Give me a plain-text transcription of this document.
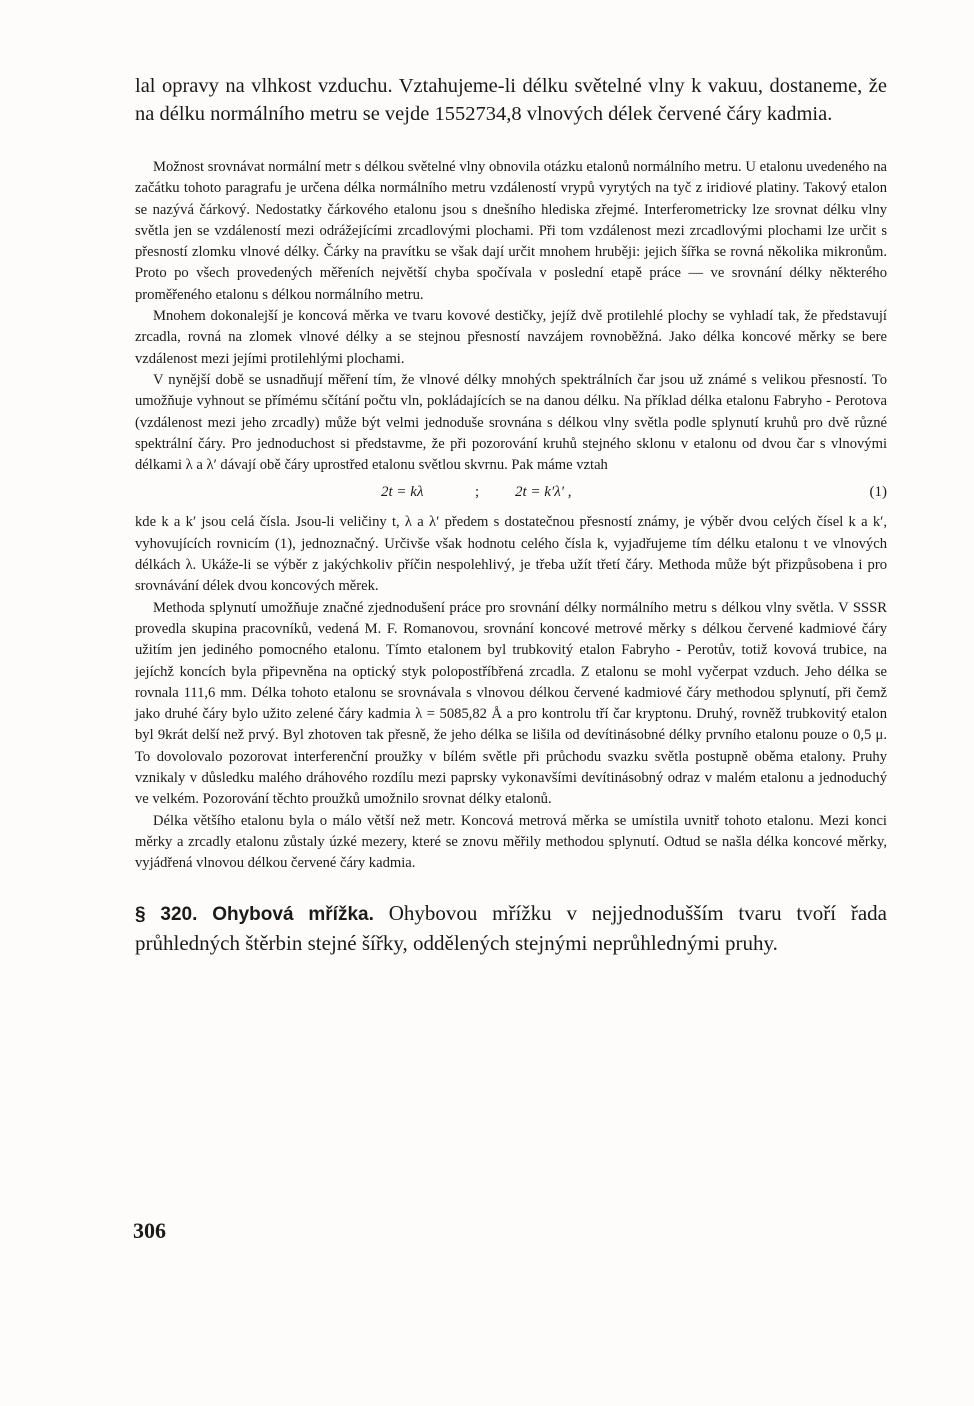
lal opravy na vlhkost vzduchu. Vztahujeme-li délku světelné vlny k vakuu, dostaneme, že na délku normálního metru se vejde 1552734,8 vlnových délek červené čáry kadmia.

Možnost srovnávat normální metr s délkou světelné vlny obnovila otázku etalonů normálního metru. U etalonu uvedeného na začátku tohoto paragrafu je určena délka normálního metru vzdáleností vrypů vyrytých na tyč z iridiové platiny. Takový etalon se nazývá čárkový. Nedostatky čárkového etalonu jsou s dnešního hlediska zřejmé. Interferometricky lze srovnat délku vlny světla jen se vzdáleností mezi odrážejícími zrcadlovými plochami. Při tom vzdálenost mezi zrcadlovými plochami lze určit s přesností zlomku vlnové délky. Čárky na pravítku se však dají určit mnohem hruběji: jejich šířka se rovná několika mikronům. Proto po všech provedených měřeních největší chyba spočívala v poslední etapě práce — ve srovnání délky některého proměřeného etalonu s délkou normálního metru.

Mnohem dokonalejší je koncová měrka ve tvaru kovové destičky, jejíž dvě protilehlé plochy se vyhladí tak, že představují zrcadla, rovná na zlomek vlnové délky a se stejnou přesností navzájem rovnoběžná. Jako délka koncové měrky se bere vzdálenost mezi jejími protilehlými plochami.

V nynější době se usnadňují měření tím, že vlnové délky mnohých spektrálních čar jsou už známé s velikou přesností. To umožňuje vyhnout se přímému sčítání počtu vln, pokládajících se na danou délku. Na příklad délka etalonu Fabryho - Perotova (vzdálenost mezi jeho zrcadly) může být velmi jednoduše srovnána s délkou vlny světla podle splynutí kruhů pro dvě různé spektrální čáry. Pro jednoduchost si představme, že při pozorování kruhů stejného sklonu v etalonu od dvou čar s vlnovými délkami λ a λ′ dávají obě čáry uprostřed etalonu světlou skvrnu. Pak máme vztah

2t = kλ	; 2t = k′λ′ ,	(1)

kde k a k′ jsou celá čísla. Jsou-li veličiny t, λ a λ′ předem s dostatečnou přesností známy, je výběr dvou celých čísel k a k′, vyhovujících rovnicím (1), jednoznačný. Určivše však hodnotu celého čísla k, vyjadřujeme tím délku etalonu t ve vlnových délkách λ. Ukáže-li se výběr z jakýchkoliv příčin nespolehlivý, je třeba užít třetí čáry. Methoda může být přizpůsobena i pro srovnávání délek dvou koncových měrek.

Methoda splynutí umožňuje značné zjednodušení práce pro srovnání délky normálního metru s délkou vlny světla. V SSSR provedla skupina pracovníků, vedená M. F. Romanovou, srovnání koncové metrové měrky s délkou červené kadmiové čáry užitím jen jediného pomocného etalonu. Tímto etalonem byl trubkovitý etalon Fabryho - Perotův, totiž kovová trubice, na jejíchž koncích byla připevněna na optický styk polopostříbřená zrcadla. Z etalonu se mohl vyčerpat vzduch. Jeho délka se rovnala 111,6 mm. Délka tohoto etalonu se srovnávala s vlnovou délkou červené kadmiové čáry methodou splynutí, při čemž jako druhé čáry bylo užito zelené čáry kadmia λ = 5085,82 Å a pro kontrolu tří čar kryptonu. Druhý, rovněž trubkovitý etalon byl 9krát delší než prvý. Byl zhotoven tak přesně, že jeho délka se lišila od devítinásobné délky prvního etalonu pouze o 0,5 μ. To dovolovalo pozorovat interferenční proužky v bílém světle při průchodu svazku světla postupně oběma etalony. Pruhy vznikaly v důsledku malého dráhového rozdílu mezi paprsky vykonavšími devítinásobný odraz v malém etalonu a jednoduchý ve velkém. Pozorování těchto proužků umožnilo srovnat délky etalonů.

Délka většího etalonu byla o málo větší než metr. Koncová metrová měrka se umístila uvnitř tohoto etalonu. Mezi konci měrky a zrcadly etalonu zůstaly úzké mezery, které se znovu měřily methodou splynutí. Odtud se našla délka koncové měrky, vyjádřená vlnovou délkou červené čáry kadmia.

§ 320. Ohybová mřížka. Ohybovou mřížku v nejjednodušším tvaru tvoří řada průhledných štěrbin stejné šířky, oddělených stejnými neprůhlednými pruhy.

306
